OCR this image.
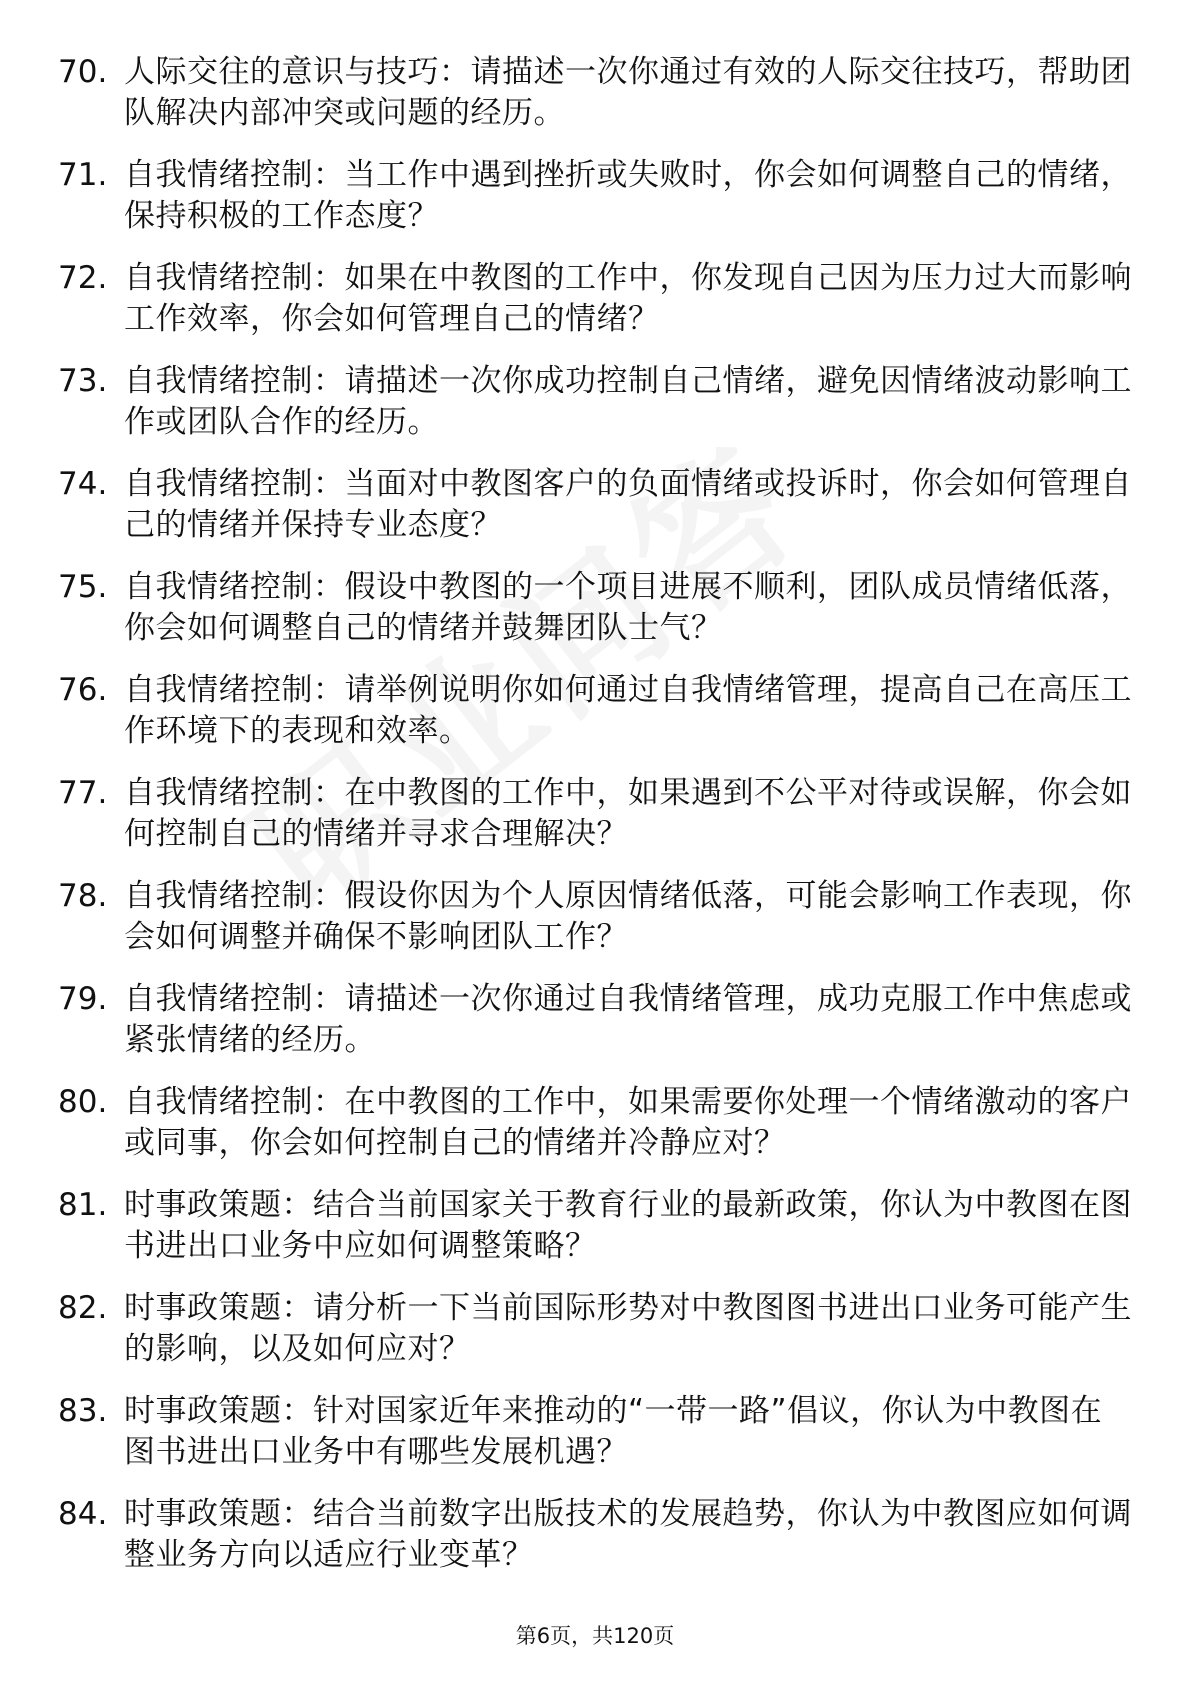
70. 人际交往的意识与技巧：请描述一次你通过有效的人际交往技巧，帮助团队解决内部冲突或问题的经历。
71. 自我情绪控制：当工作中遇到挫折或失败时，你会如何调整自己的情绪，保持积极的工作态度？
72. 自我情绪控制：如果在中教图的工作中，你发现自己因为压力过大而影响工作效率，你会如何管理自己的情绪？
73. 自我情绪控制：请描述一次你成功控制自己情绪，避免因情绪波动影响工作或团队合作的经历。
74. 自我情绪控制：当面对中教图客户的负面情绪或投诉时，你会如何管理自己的情绪并保持专业态度？
75. 自我情绪控制：假设中教图的一个项目进展不顺利，团队成员情绪低落，你会如何调整自己的情绪并鼓舞团队士气？
76. 自我情绪控制：请举例说明你如何通过自我情绪管理，提高自己在高压工作环境下的表现和效率。
77. 自我情绪控制：在中教图的工作中，如果遇到不公平对待或误解，你会如何控制自己的情绪并寻求合理解决？
78. 自我情绪控制：假设你因为个人原因情绪低落，可能会影响工作表现，你会如何调整并确保不影响团队工作？
79. 自我情绪控制：请描述一次你通过自我情绪管理，成功克服工作中焦虑或紧张情绪的经历。
80. 自我情绪控制：在中教图的工作中，如果需要你处理一个情绪激动的客户或同事，你会如何控制自己的情绪并冷静应对？
81. 时事政策题：结合当前国家关于教育行业的最新政策，你认为中教图在图书进出口业务中应如何调整策略？
82. 时事政策题：请分析一下当前国际形势对中教图图书进出口业务可能产生的影响，以及如何应对？
83. 时事政策题：针对国家近年来推动的“一带一路”倡议，你认为中教图在图书进出口业务中有哪些发展机遇？
84. 时事政策题：结合当前数字出版技术的发展趋势，你认为中教图应如何调整业务方向以适应行业变革？
第6页，共120页
